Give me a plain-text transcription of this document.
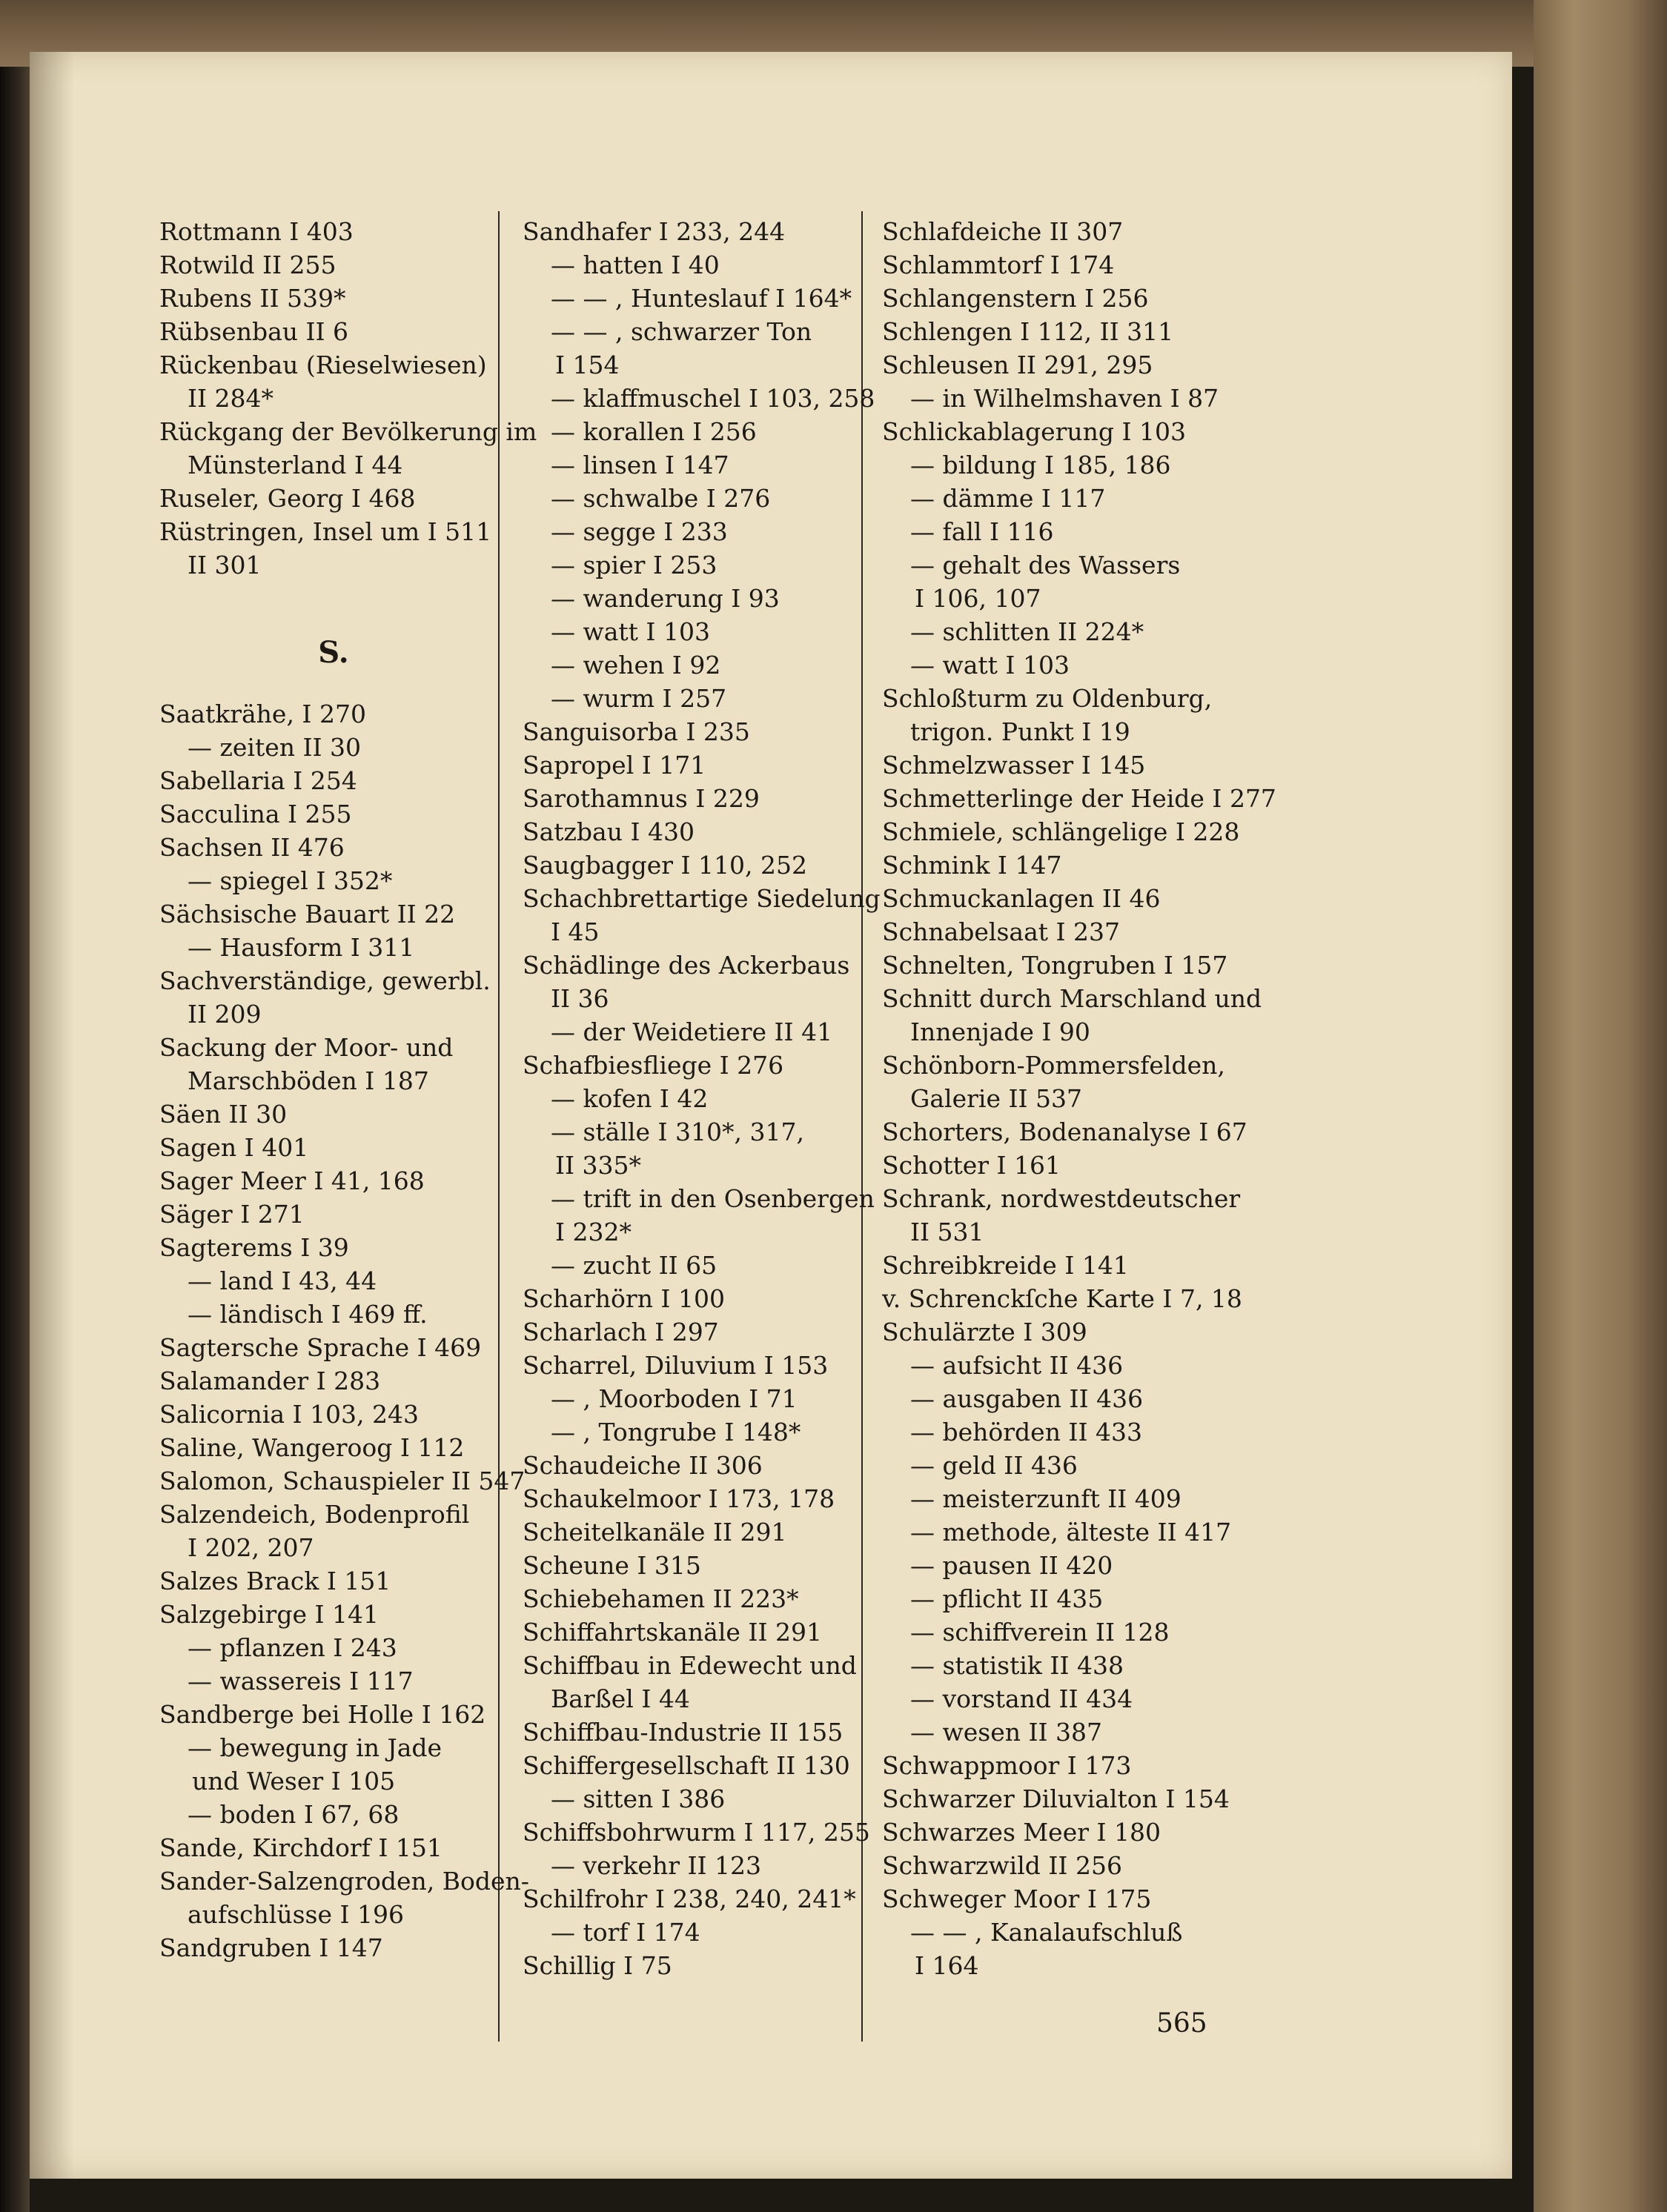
Rottmann I 403
Rotwild II 255
Rubens II 539*
Rübsenbau II 6
Rückenbau (Rieselwiesen)
II 284*
Rückgang der Bevölkerung im
Münsterland I 44
Ruseler, Georg I 468
Rüstringen, Insel um I 511
II 301
S.
Saatkrähe, I 270
— zeiten II 30
Sabellaria I 254
Sacculina I 255
Sachsen II 476
— spiegel I 352*
Sächsische Bauart II 22
— Hausform I 311
Sachverständige, gewerbl.
II 209
Sackung der Moor- und
Marschböden I 187
Säen II 30
Sagen I 401
Sager Meer I 41, 168
Säger I 271
Sagterems I 39
— land I 43, 44
— ländisch I 469 ff.
Sagtersche Sprache I 469
Salamander I 283
Salicornia I 103, 243
Saline, Wangeroog I 112
Salomon, Schauspieler II 547
Salzendeich, Bodenprofil
I 202, 207
Salzes Brack I 151
Salzgebirge I 141
— pflanzen I 243
— wassereis I 117
Sandberge bei Holle I 162
— bewegung in Jade
und Weser I 105
— boden I 67, 68
Sande, Kirchdorf I 151
Sander-Salzengroden, Boden-
aufschlüsse I 196
Sandgruben I 147
Sandhafer I 233, 244
— hatten I 40
— — , Hunteslauf I 164*
— — , schwarzer Ton
I 154
— klaffmuschel I 103, 258
— korallen I 256
— linsen I 147
— schwalbe I 276
— segge I 233
— spier I 253
— wanderung I 93
— watt I 103
— wehen I 92
— wurm I 257
Sanguisorba I 235
Sapropel I 171
Sarothamnus I 229
Satzbau I 430
Saugbagger I 110, 252
Schachbrettartige Siedelung
I 45
Schädlinge des Ackerbaus
II 36
— der Weidetiere II 41
Schafbiesfliege I 276
— kofen I 42
— ställe I 310*, 317,
II 335*
— trift in den Osenbergen
I 232*
— zucht II 65
Scharhörn I 100
Scharlach I 297
Scharrel, Diluvium I 153
— , Moorboden I 71
— , Tongrube I 148*
Schaudeiche II 306
Schaukelmoor I 173, 178
Scheitelkanäle II 291
Scheune I 315
Schiebehamen II 223*
Schiffahrtskanäle II 291
Schiffbau in Edewecht und
Barßel I 44
Schiffbau-Industrie II 155
Schiffergesellschaft II 130
— sitten I 386
Schiffsbohrwurm I 117, 255
— verkehr II 123
Schilfrohr I 238, 240, 241*
— torf I 174
Schillig I 75
Schlafdeiche II 307
Schlammtorf I 174
Schlangenstern I 256
Schlengen I 112, II 311
Schleusen II 291, 295
— in Wilhelmshaven I 87
Schlickablagerung I 103
— bildung I 185, 186
— dämme I 117
— fall I 116
— gehalt des Wassers
I 106, 107
— schlitten II 224*
— watt I 103
Schloßturm zu Oldenburg,
trigon. Punkt I 19
Schmelzwasser I 145
Schmetterlinge der Heide I 277
Schmiele, schlängelige I 228
Schmink I 147
Schmuckanlagen II 46
Schnabelsaat I 237
Schnelten, Tongruben I 157
Schnitt durch Marschland und
Innenjade I 90
Schönborn-Pommersfelden,
Galerie II 537
Schorters, Bodenanalyse I 67
Schotter I 161
Schrank, nordwestdeutscher
II 531
Schreibkreide I 141
v. Schrenckſche Karte I 7, 18
Schulärzte I 309
— aufsicht II 436
— ausgaben II 436
— behörden II 433
— geld II 436
— meisterzunft II 409
— methode, älteste II 417
— pausen II 420
— pflicht II 435
— schiffverein II 128
— statistik II 438
— vorstand II 434
— wesen II 387
Schwappmoor I 173
Schwarzer Diluvialton I 154
Schwarzes Meer I 180
Schwarzwild II 256
Schweger Moor I 175
— — , Kanalaufschluß
I 164
565
